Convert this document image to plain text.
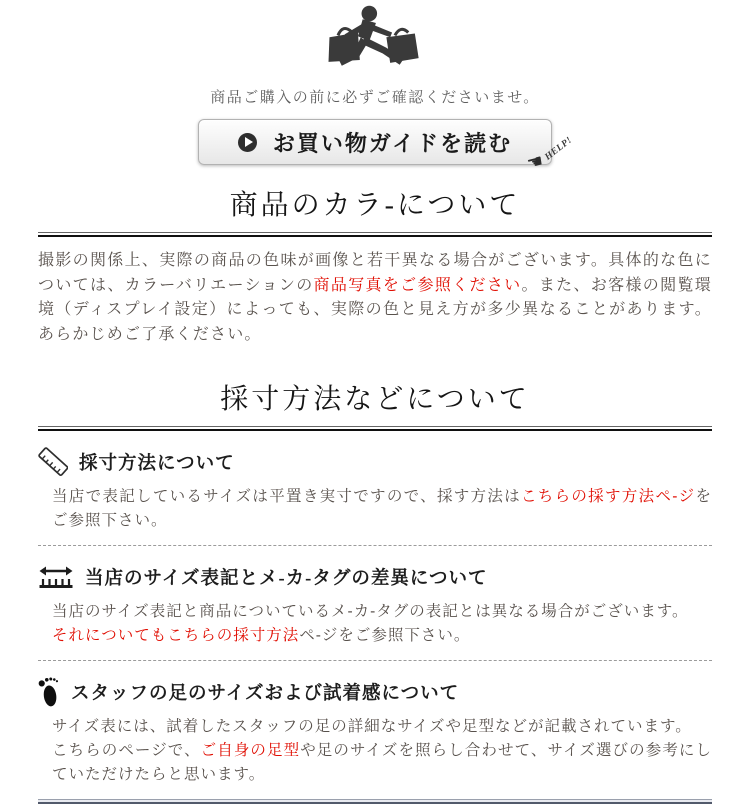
商品ご購入の前に必ずご確認くださいませ。
お買い物ガイドを読む	HELP!
☛
商品のカラ-について

撮影の関係上、実際の商品の色味が画像と若干異なる場合がございます。具体的な色については、カラーバリエーションの商品写真をご参照ください。また、お客様の閲覧環境（ディスプレイ設定）によっても、実際の色と見え方が多少異なることがあります。あらかじめご了承ください。

採寸方法などについて
採寸方法について

当店で表記しているサイズは平置き実寸ですので、採す方法はこちらの採す方法ペ-ジをご参照下さい。

当店のサイズ表記とメ-カ-タグの差異について

当店のサイズ表記と商品についているメ-カ-タグの表記とは異なる場合がございます。
それについてもこちらの採寸方法ペ-ジをご参照下さい。

スタッフの足のサイズおよび試着感について

サイズ表には、試着したスタッフの足の詳細なサイズや足型などが記載されています。
こちらのページで、ご自身の足型や足のサイズを照らし合わせて、サイズ選びの参考にしていただけたらと思います。
